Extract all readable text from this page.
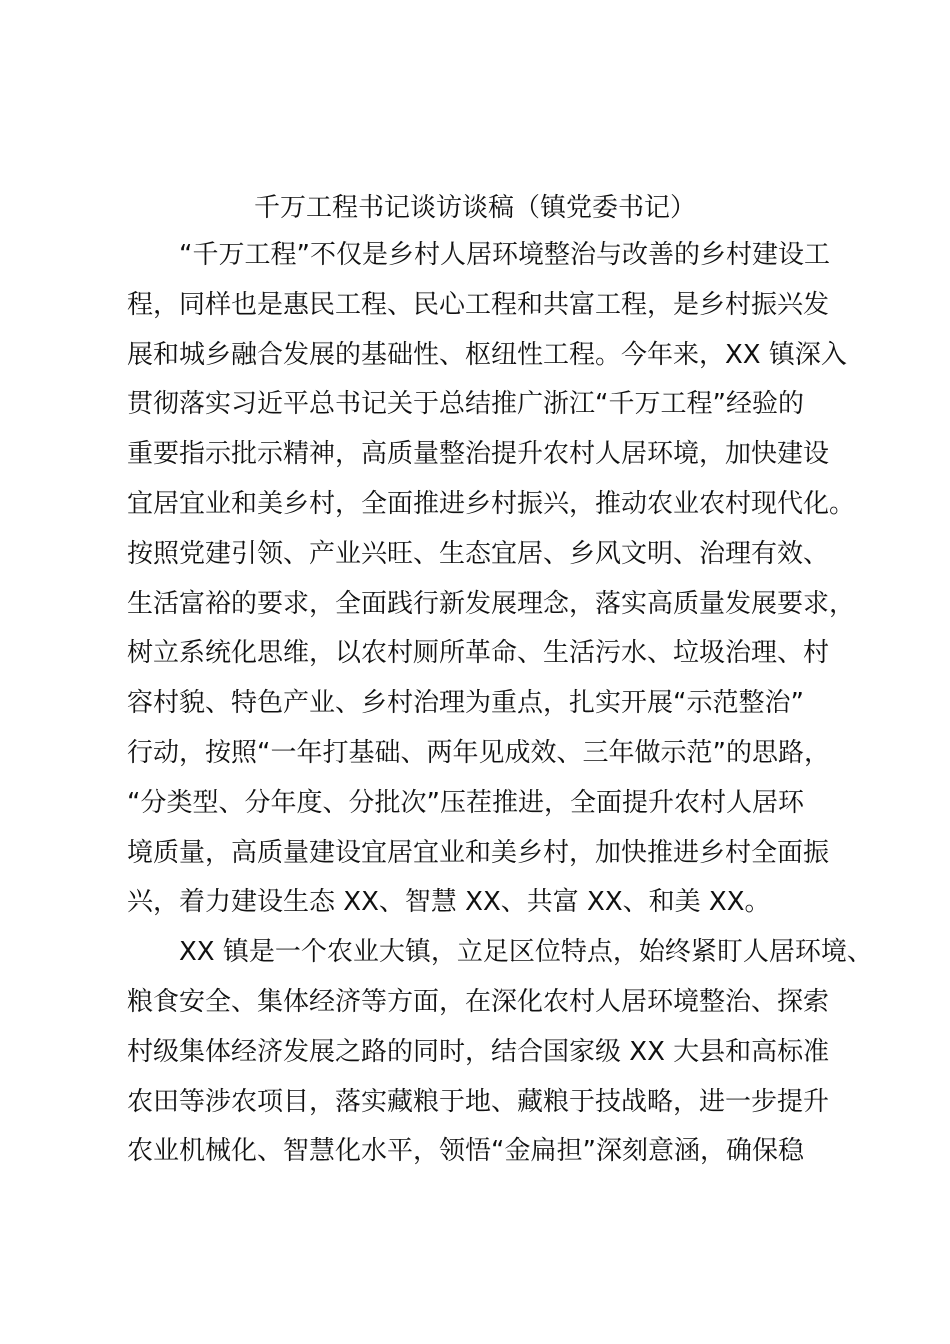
千万工程书记谈访谈稿（镇党委书记）
“千万工程”不仅是乡村人居环境整治与改善的乡村建设工
程，同样也是惠民工程、民心工程和共富工程，是乡村振兴发
展和城乡融合发展的基础性、枢纽性工程。今年来，XX 镇深入
贯彻落实习近平总书记关于总结推广浙江“千万工程”经验的
重要指示批示精神，高质量整治提升农村人居环境，加快建设
宜居宜业和美乡村，全面推进乡村振兴，推动农业农村现代化。
按照党建引领、产业兴旺、生态宜居、乡风文明、治理有效、
生活富裕的要求，全面践行新发展理念，落实高质量发展要求，
树立系统化思维，以农村厕所革命、生活污水、垃圾治理、村
容村貌、特色产业、乡村治理为重点，扎实开展“示范整治”
行动，按照“一年打基础、两年见成效、三年做示范”的思路，
“分类型、分年度、分批次”压茬推进，全面提升农村人居环
境质量，高质量建设宜居宜业和美乡村，加快推进乡村全面振
兴，着力建设生态 XX、智慧 XX、共富 XX、和美 XX。
XX 镇是一个农业大镇，立足区位特点，始终紧盯人居环境、
粮食安全、集体经济等方面，在深化农村人居环境整治、探索
村级集体经济发展之路的同时，结合国家级 XX 大县和高标准
农田等涉农项目，落实藏粮于地、藏粮于技战略，进一步提升
农业机械化、智慧化水平，领悟“金扁担”深刻意涵，确保稳
